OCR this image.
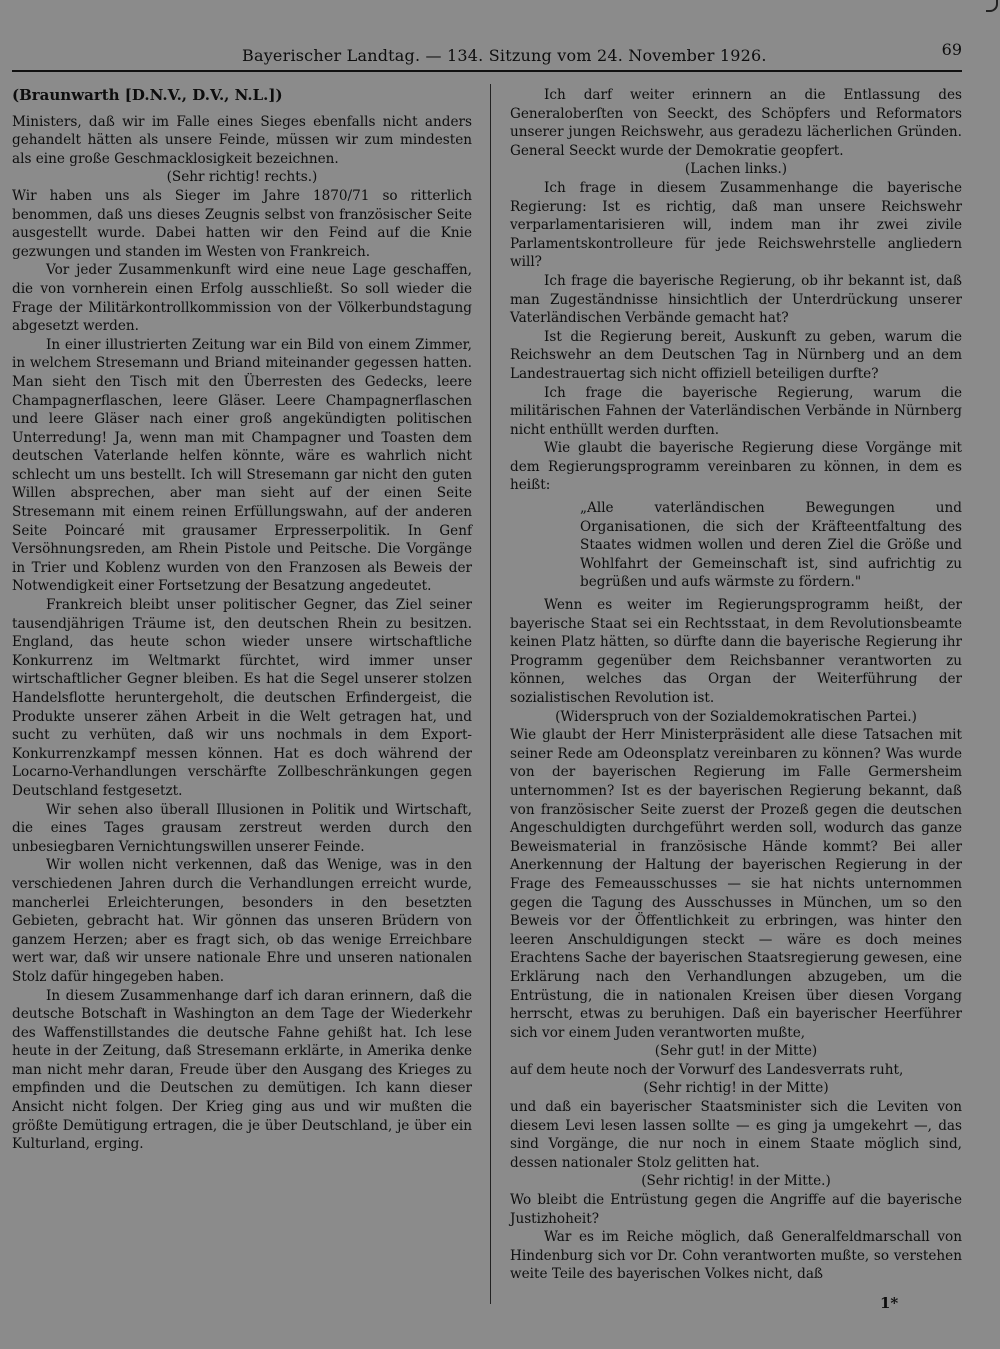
Bayerischer Landtag. — 134. Sitzung vom 24. November 1926.	69

(Braunwarth [D.N.V., D.V., N.L.])

Ministers, daß wir im Falle eines Sieges ebenfalls nicht anders gehandelt hätten als unsere Feinde, müssen wir zum mindesten als eine große Geschmacklosigkeit bezeichnen.

(Sehr richtig! rechts.)

Wir haben uns als Sieger im Jahre 1870/71 so ritterlich benommen, daß uns dieses Zeugnis selbst von französischer Seite ausgestellt wurde. Dabei hatten wir den Feind auf die Knie gezwungen und standen im Westen von Frankreich.

Vor jeder Zusammenkunft wird eine neue Lage geschaffen, die von vornherein einen Erfolg ausschließt. So soll wieder die Frage der Militärkontrollkommission von der Völkerbundstagung abgesetzt werden.

In einer illustrierten Zeitung war ein Bild von einem Zimmer, in welchem Stresemann und Briand miteinander gegessen hatten. Man sieht den Tisch mit den Überresten des Gedecks, leere Champagnerflaschen, leere Gläser. Leere Champagnerflaschen und leere Gläser nach einer groß angekündigten politischen Unterredung! Ja, wenn man mit Champagner und Toasten dem deutschen Vaterlande helfen könnte, wäre es wahrlich nicht schlecht um uns bestellt. Ich will Stresemann gar nicht den guten Willen absprechen, aber man sieht auf der einen Seite Stresemann mit einem reinen Erfüllungswahn, auf der anderen Seite Poincaré mit grausamer Erpresserpolitik. In Genf Versöhnungsreden, am Rhein Pistole und Peitsche. Die Vorgänge in Trier und Koblenz wurden von den Franzosen als Beweis der Notwendigkeit einer Fortsetzung der Besatzung angedeutet.

Frankreich bleibt unser politischer Gegner, das Ziel seiner tausendjährigen Träume ist, den deutschen Rhein zu besitzen. England, das heute schon wieder unsere wirtschaftliche Konkurrenz im Weltmarkt fürchtet, wird immer unser wirtschaftlicher Gegner bleiben. Es hat die Segel unserer stolzen Handelsflotte heruntergeholt, die deutschen Erfindergeist, die Produkte unserer zähen Arbeit in die Welt getragen hat, und sucht zu verhüten, daß wir uns nochmals in dem Export-Konkurrenzkampf messen können. Hat es doch während der Locarno-Verhandlungen verschärfte Zollbeschränkungen gegen Deutschland festgesetzt.

Wir sehen also überall Illusionen in Politik und Wirtschaft, die eines Tages grausam zerstreut werden durch den unbesiegbaren Vernichtungswillen unserer Feinde.

Wir wollen nicht verkennen, daß das Wenige, was in den verschiedenen Jahren durch die Verhandlungen erreicht wurde, mancherlei Erleichterungen, besonders in den besetzten Gebieten, gebracht hat. Wir gönnen das unseren Brüdern von ganzem Herzen; aber es fragt sich, ob das wenige Erreichbare wert war, daß wir unsere nationale Ehre und unseren nationalen Stolz dafür hingegeben haben.

In diesem Zusammenhange darf ich daran erinnern, daß die deutsche Botschaft in Washington an dem Tage der Wiederkehr des Waffenstillstandes die deutsche Fahne gehißt hat. Ich lese heute in der Zeitung, daß Stresemann erklärte, in Amerika denke man nicht mehr daran, Freude über den Ausgang des Krieges zu empfinden und die Deutschen zu demütigen. Ich kann dieser Ansicht nicht folgen. Der Krieg ging aus und wir mußten die größte Demütigung ertragen, die je über Deutschland, je über ein Kulturland, erging.

Ich darf weiter erinnern an die Entlassung des Generaloberſten von Seeckt, des Schöpfers und Reformators unserer jungen Reichswehr, aus geradezu lächerlichen Gründen. General Seeckt wurde der Demokratie geopfert.

(Lachen links.)

Ich frage in diesem Zusammenhange die bayerische Regierung: Ist es richtig, daß man unsere Reichswehr verparlamentarisieren will, indem man ihr zwei zivile Parlamentskontrolleure für jede Reichswehrstelle angliedern will?

Ich frage die bayerische Regierung, ob ihr bekannt ist, daß man Zugeständnisse hinsichtlich der Unterdrückung unserer Vaterländischen Verbände gemacht hat?

Ist die Regierung bereit, Auskunft zu geben, warum die Reichswehr an dem Deutschen Tag in Nürnberg und an dem Landestrauertag sich nicht offiziell beteiligen durfte?

Ich frage die bayerische Regierung, warum die militärischen Fahnen der Vaterländischen Verbände in Nürnberg nicht enthüllt werden durften.

Wie glaubt die bayerische Regierung diese Vorgänge mit dem Regierungsprogramm vereinbaren zu können, in dem es heißt:

„Alle vaterländischen Bewegungen und Organisationen, die sich der Kräfteentfaltung des Staates widmen wollen und deren Ziel die Größe und Wohlfahrt der Gemeinschaft ist, sind aufrichtig zu begrüßen und aufs wärmste zu fördern."

Wenn es weiter im Regierungsprogramm heißt, der bayerische Staat sei ein Rechtsstaat, in dem Revolutionsbeamte keinen Platz hätten, so dürfte dann die bayerische Regierung ihr Programm gegenüber dem Reichsbanner verantworten zu können, welches das Organ der Weiterführung der sozialistischen Revolution ist.

(Widerspruch von der Sozialdemokratischen Partei.)

Wie glaubt der Herr Ministerpräsident alle diese Tatsachen mit seiner Rede am Odeonsplatz vereinbaren zu können? Was wurde von der bayerischen Regierung im Falle Germersheim unternommen? Ist es der bayerischen Regierung bekannt, daß von französischer Seite zuerst der Prozeß gegen die deutschen Angeschuldigten durchgeführt werden soll, wodurch das ganze Beweismaterial in französische Hände kommt? Bei aller Anerkennung der Haltung der bayerischen Regierung in der Frage des Femeausschusses — sie hat nichts unternommen gegen die Tagung des Ausschusses in München, um so den Beweis vor der Öffentlichkeit zu erbringen, was hinter den leeren Anschuldigungen steckt — wäre es doch meines Erachtens Sache der bayerischen Staatsregierung gewesen, eine Erklärung nach den Verhandlungen abzugeben, um die Entrüstung, die in nationalen Kreisen über diesen Vorgang herrscht, etwas zu beruhigen. Daß ein bayerischer Heerführer sich vor einem Juden verantworten mußte,

(Sehr gut! in der Mitte)

auf dem heute noch der Vorwurf des Landesverrats ruht,

(Sehr richtig! in der Mitte)

und daß ein bayerischer Staatsminister sich die Leviten von diesem Levi lesen lassen sollte — es ging ja umgekehrt —, das sind Vorgänge, die nur noch in einem Staate möglich sind, dessen nationaler Stolz gelitten hat.

(Sehr richtig! in der Mitte.)

Wo bleibt die Entrüstung gegen die Angriffe auf die bayerische Justizhoheit?

War es im Reiche möglich, daß Generalfeldmarschall von Hindenburg sich vor Dr. Cohn verantworten mußte, so verstehen weite Teile des bayerischen Volkes nicht, daß

1*
